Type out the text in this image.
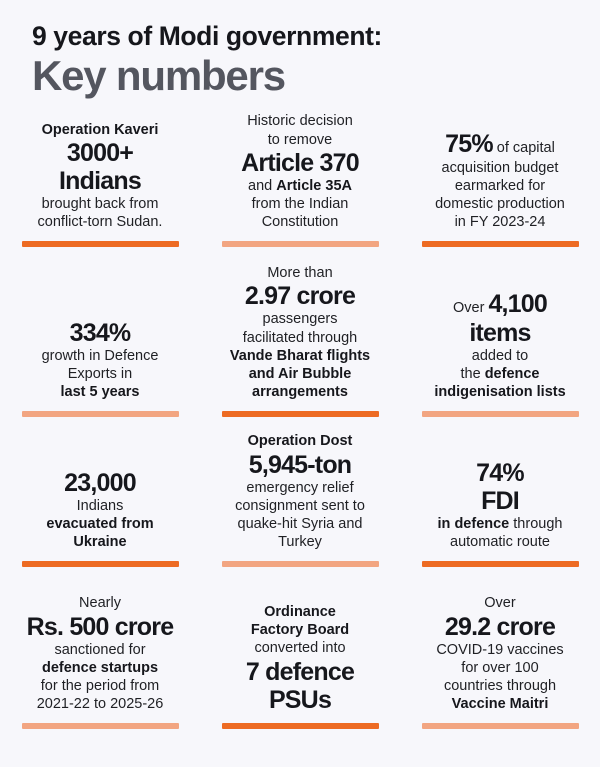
9 years of Modi government:
Key numbers
Operation Kaveri
3000+
Indians
brought back from
conflict-torn Sudan.
Historic decision
to remove
Article 370
and Article 35A
from the Indian
Constitution
75% of capital
acquisition budget
earmarked for
domestic production
in FY 2023-24
334%
growth in Defence
Exports in
last 5 years
More than
2.97 crore
passengers
facilitated through
Vande Bharat flights
and Air Bubble
arrangements
Over 4,100
items
added to
the defence
indigenisation lists
23,000
Indians
evacuated from
Ukraine
Operation Dost
5,945-ton
emergency relief
consignment sent to
quake-hit Syria and
Turkey
74%
FDI
in defence through
automatic route
Nearly
Rs. 500 crore
sanctioned for
defence startups
for the period from
2021-22 to 2025-26
Ordinance
Factory Board
converted into
7 defence
PSUs
Over
29.2 crore
COVID-19 vaccines
for over 100
countries through
Vaccine Maitri
